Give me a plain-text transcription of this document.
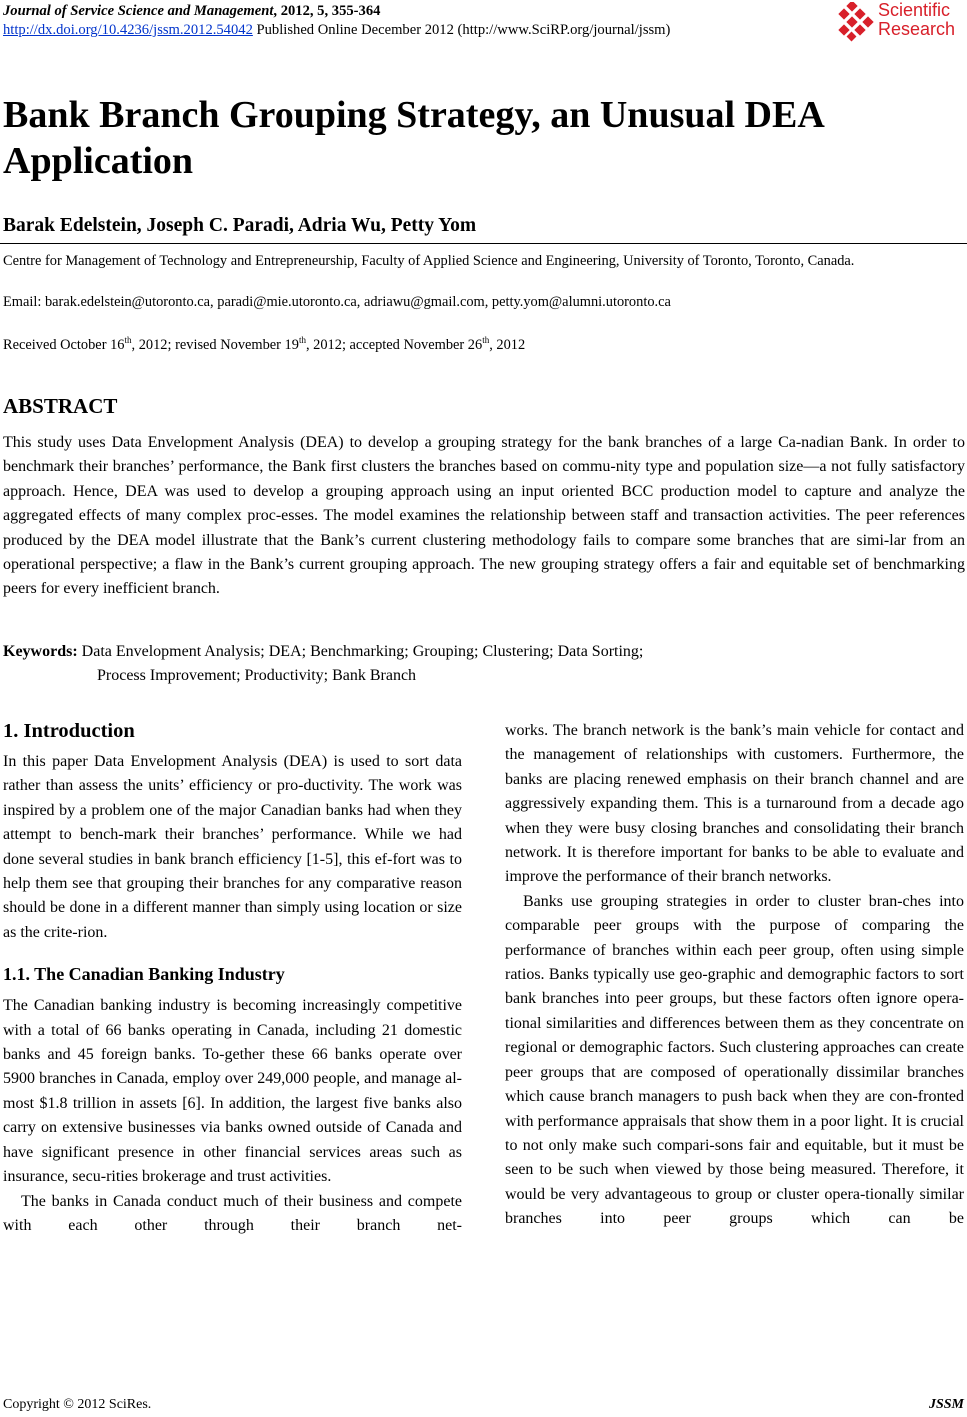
Journal of Service Science and Management, 2012, 5, 355-364
http://dx.doi.org/10.4236/jssm.2012.54042 Published Online December 2012 (http://www.SciRP.org/journal/jssm)
Scientific
Research
Bank Branch Grouping Strategy, an Unusual DEA Application
Barak Edelstein, Joseph C. Paradi, Adria Wu, Petty Yom
Centre for Management of Technology and Entrepreneurship, Faculty of Applied Science and Engineering, University of Toronto, Toronto, Canada.
Email: barak.edelstein@utoronto.ca, paradi@mie.utoronto.ca, adriawu@gmail.com, petty.yom@alumni.utoronto.ca
Received October 16th, 2012; revised November 19th, 2012; accepted November 26th, 2012
ABSTRACT
This study uses Data Envelopment Analysis (DEA) to develop a grouping strategy for the bank branches of a large Ca-nadian Bank. In order to benchmark their branches’ performance, the Bank first clusters the branches based on commu-nity type and population size—a not fully satisfactory approach. Hence, DEA was used to develop a grouping approach using an input oriented BCC production model to capture and analyze the aggregated effects of many complex proc-esses. The model examines the relationship between staff and transaction activities. The peer references produced by the DEA model illustrate that the Bank’s current clustering methodology fails to compare some branches that are simi-lar from an operational perspective; a flaw in the Bank’s current grouping approach. The new grouping strategy offers a fair and equitable set of benchmarking peers for every inefficient branch.
Keywords: Data Envelopment Analysis; DEA; Benchmarking; Grouping; Clustering; Data Sorting;
Process Improvement; Productivity; Bank Branch
1. Introduction

In this paper Data Envelopment Analysis (DEA) is used to sort data rather than assess the units’ efficiency or pro-ductivity. The work was inspired by a problem one of the major Canadian banks had when they attempt to bench-mark their branches’ performance. While we had done several studies in bank branch efficiency [1-5], this ef-fort was to help them see that grouping their branches for any comparative reason should be done in a different manner than simply using location or size as the crite-rion.

1.1. The Canadian Banking Industry

The Canadian banking industry is becoming increasingly competitive with a total of 66 banks operating in Canada, including 21 domestic banks and 45 foreign banks. To-gether these 66 banks operate over 5900 branches in Canada, employ over 249,000 people, and manage al-most $1.8 trillion in assets [6]. In addition, the largest five banks also carry on extensive businesses via banks owned outside of Canada and have significant presence in other financial services areas such as insurance, secu-rities brokerage and trust activities.

The banks in Canada conduct much of their business and compete with each other through their branch net-

works. The branch network is the bank’s main vehicle for contact and the management of relationships with customers. Furthermore, the banks are placing renewed emphasis on their branch channel and are aggressively expanding them. This is a turnaround from a decade ago when they were busy closing branches and consolidating their branch network. It is therefore important for banks to be able to evaluate and improve the performance of their branch networks.

Banks use grouping strategies in order to cluster bran-ches into comparable peer groups with the purpose of comparing the performance of branches within each peer group, often using simple ratios. Banks typically use geo-graphic and demographic factors to sort bank branches into peer groups, but these factors often ignore opera-tional similarities and differences between them as they concentrate on regional or demographic factors. Such clustering approaches can create peer groups that are composed of operationally dissimilar branches which cause branch managers to push back when they are con-fronted with performance appraisals that show them in a poor light. It is crucial to not only make such compari-sons fair and equitable, but it must be seen to be such when viewed by those being measured. Therefore, it would be very advantageous to group or cluster opera-tionally similar branches into peer groups which can be

Copyright © 2012 SciRes.	JSSM
